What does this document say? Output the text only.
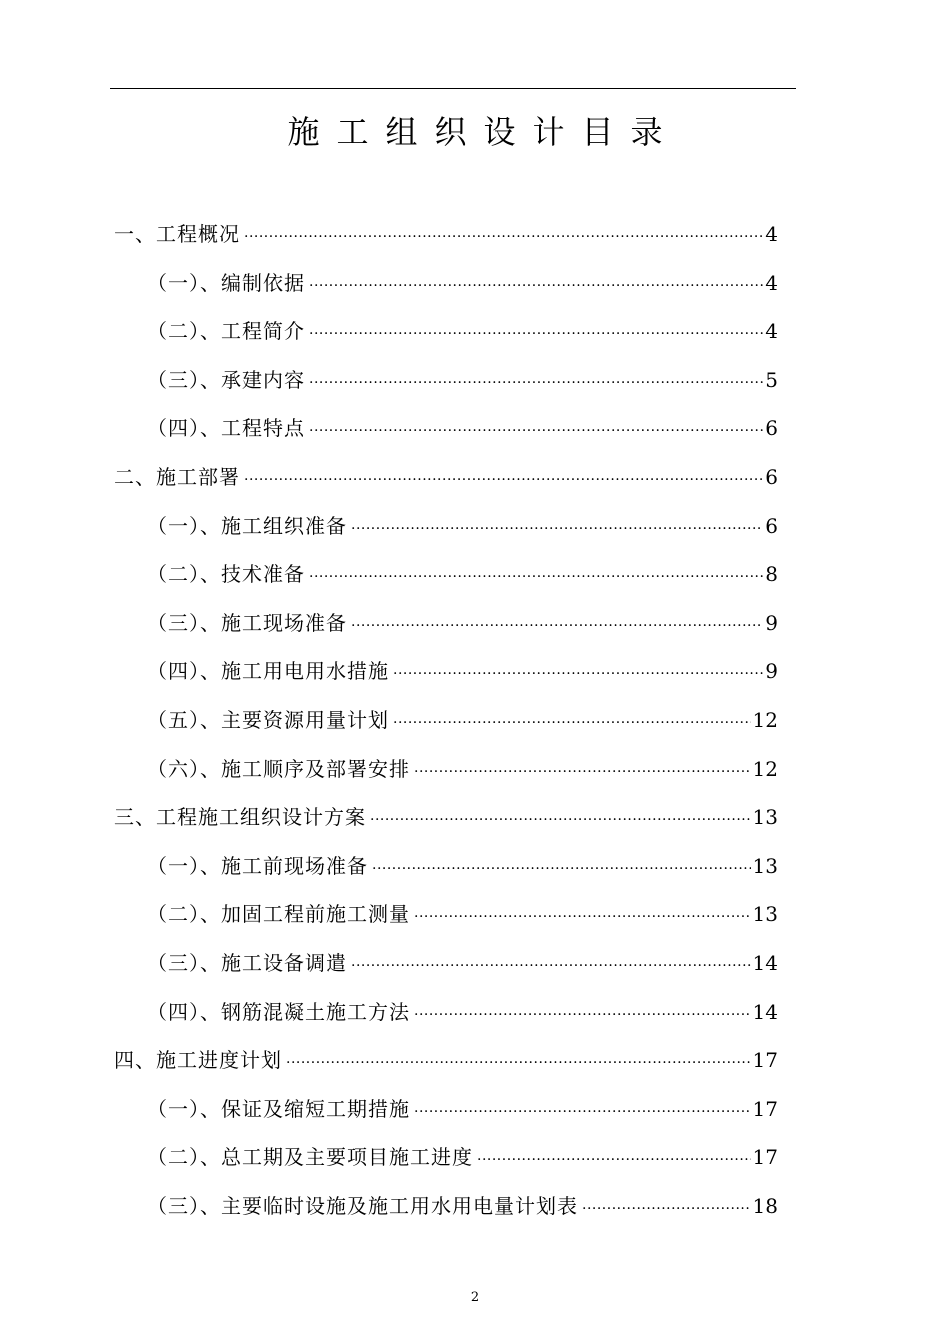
施工组织设计目录
一、工程概况 ·····	4
（一）、编制依据 ·····	4
（二）、工程简介 ·····	4
（三）、承建内容 ·····	5
（四）、工程特点 ·····	6
二、施工部署 ·····	6
（一）、施工组织准备 ·····	6
（二）、技术准备 ·····	8
（三）、施工现场准备 ·····	9
（四）、施工用电用水措施 ·····	9
（五）、主要资源用量计划 ·····	12
（六）、施工顺序及部署安排 ·····	12
三、工程施工组织设计方案 ·····	13
（一）、施工前现场准备 ·····	13
（二）、加固工程前施工测量 ·····	13
（三）、施工设备调遣 ·····	14
（四）、钢筋混凝土施工方法 ·····	14
四、施工进度计划 ·····	17
（一）、保证及缩短工期措施 ·····	17
（二）、总工期及主要项目施工进度 ·····	17
（三）、主要临时设施及施工用水用电量计划表 ·····	18
2
